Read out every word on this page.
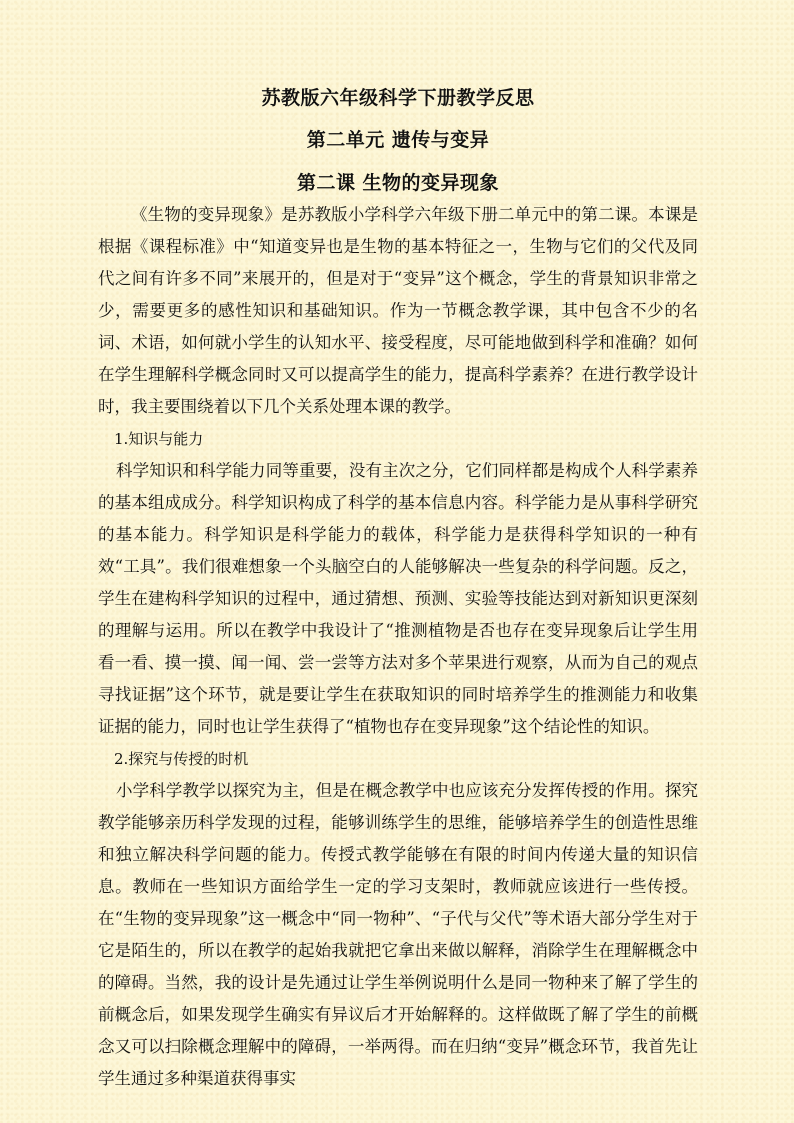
苏教版六年级科学下册教学反思
第二单元 遗传与变异
第二课 生物的变异现象

《生物的变异现象》是苏教版小学科学六年级下册二单元中的第二课。本课是根据《课程标准》中“知道变异也是生物的基本特征之一，生物与它们的父代及同代之间有许多不同”来展开的，但是对于“变异”这个概念，学生的背景知识非常之少，需要更多的感性知识和基础知识。作为一节概念教学课，其中包含不少的名词、术语，如何就小学生的认知水平、接受程度，尽可能地做到科学和准确？如何在学生理解科学概念同时又可以提高学生的能力，提高科学素养？在进行教学设计时，我主要围绕着以下几个关系处理本课的教学。

1.知识与能力

科学知识和科学能力同等重要，没有主次之分，它们同样都是构成个人科学素养的基本组成成分。科学知识构成了科学的基本信息内容。科学能力是从事科学研究的基本能力。科学知识是科学能力的载体，科学能力是获得科学知识的一种有效“工具”。我们很难想象一个头脑空白的人能够解决一些复杂的科学问题。反之，学生在建构科学知识的过程中，通过猜想、预测、实验等技能达到对新知识更深刻的理解与运用。所以在教学中我设计了“推测植物是否也存在变异现象后让学生用看一看、摸一摸、闻一闻、尝一尝等方法对多个苹果进行观察，从而为自己的观点寻找证据”这个环节，就是要让学生在获取知识的同时培养学生的推测能力和收集证据的能力，同时也让学生获得了“植物也存在变异现象”这个结论性的知识。

2.探究与传授的时机

小学科学教学以探究为主，但是在概念教学中也应该充分发挥传授的作用。探究教学能够亲历科学发现的过程，能够训练学生的思维，能够培养学生的创造性思维和独立解决科学问题的能力。传授式教学能够在有限的时间内传递大量的知识信息。教师在一些知识方面给学生一定的学习支架时，教师就应该进行一些传授。在“生物的变异现象”这一概念中“同一物种”、“子代与父代”等术语大部分学生对于它是陌生的，所以在教学的起始我就把它拿出来做以解释，消除学生在理解概念中的障碍。当然，我的设计是先通过让学生举例说明什么是同一物种来了解了学生的前概念后，如果发现学生确实有异议后才开始解释的。这样做既了解了学生的前概念又可以扫除概念理解中的障碍，一举两得。而在归纳“变异”概念环节，我首先让学生通过多种渠道获得事实
